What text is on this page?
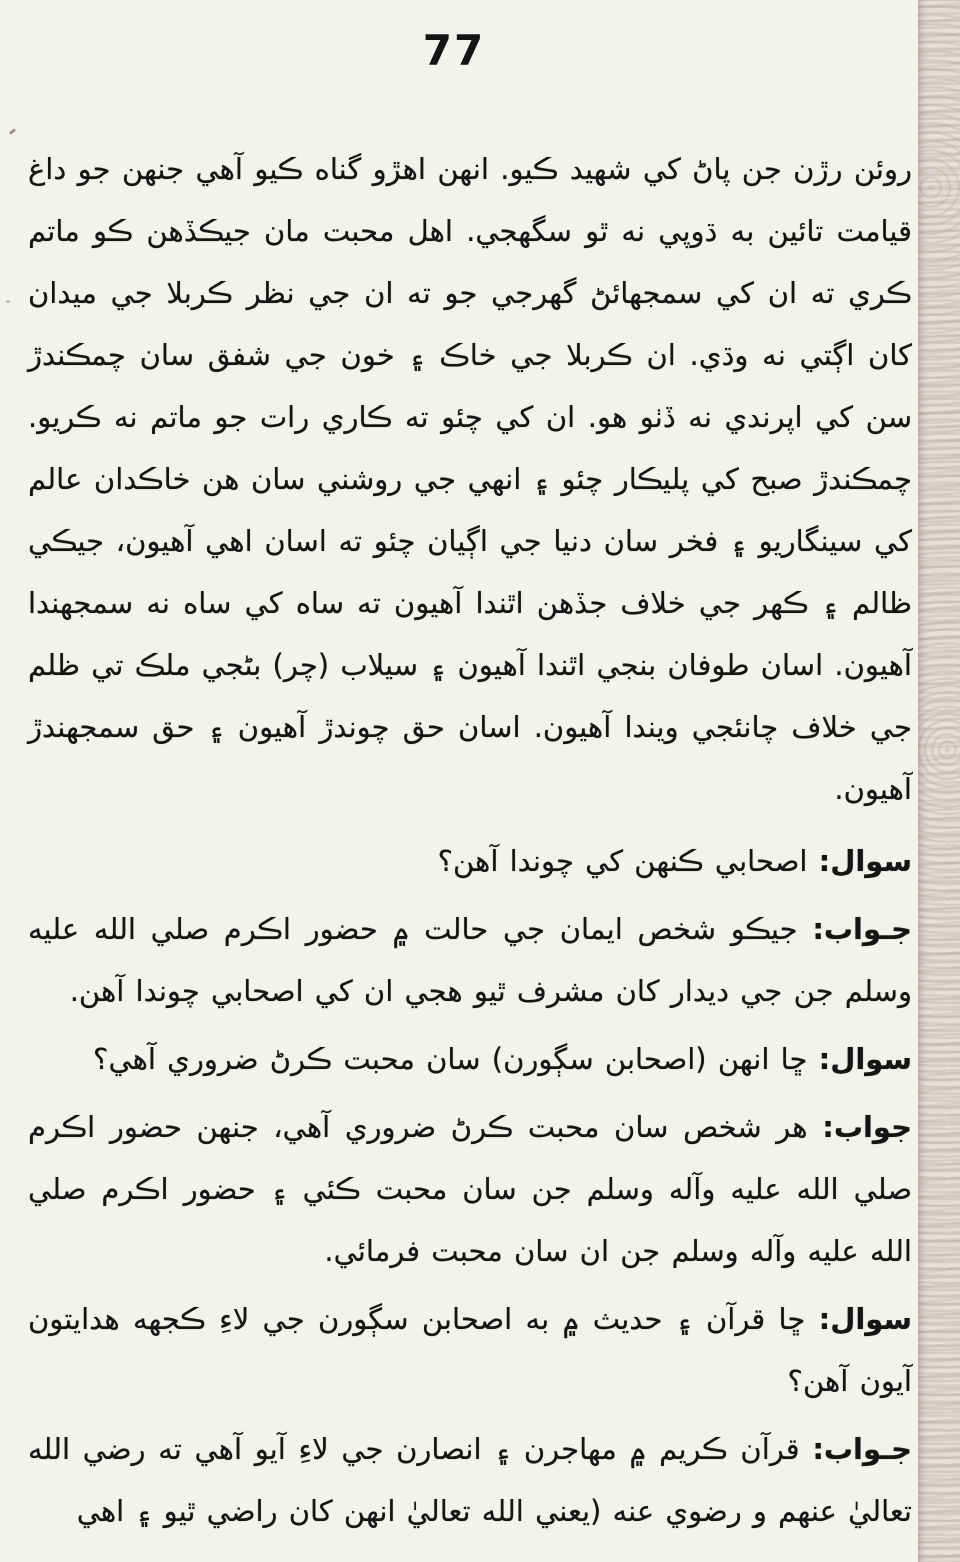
77

روئن رڙن جن پاڻ کي شهيد ڪيو. انهن اهڙو گناه ڪيو آهي جنهن جو داغ قيامت تائين به ڌوپي نه ٿو سگهجي. اهل محبت مان جيڪڏهن ڪو ماتم ڪري ته ان کي سمجهائڻ گهرجي جو ته ان جي نظر ڪربلا جي ميدان کان اڳتي نه وڌي. ان ڪربلا جي خاڪ ۽ خون جي شفق سان چمڪندڙ سن کي اپرندي نه ڏٺو هو. ان کي چئو ته ڪاري رات جو ماتم نه ڪريو. چمڪندڙ صبح کي پليڪار چئو ۽ انهي جي روشني سان هن خاڪدان عالم کي سينگاريو ۽ فخر سان دنيا جي اڳيان چئو ته اسان اهي آهيون، جيڪي ظالم ۽ ڪهر جي خلاف جڏهن اٿندا آهيون ته ساه کي ساه نه سمجهندا آهيون. اسان طوفان بنجي اٿندا آهيون ۽ سيلاب (چر) بڻجي ملڪ تي ظلم جي خلاف چانئجي ويندا آهيون. اسان حق چوندڙ آهيون ۽ حق سمجهندڙ آهيون.

سوال: اصحابي ڪنهن کي چوندا آهن؟

جـواب: جيڪو شخص ايمان جي حالت ۾ حضور اڪرم صلي الله عليه وسلم جن جي ديدار کان مشرف ٿيو هجي ان کي اصحابي چوندا آهن.

سوال: ڇا انهن (اصحابن سڳورن) سان محبت ڪرڻ ضروري آهي؟

جواب: هر شخص سان محبت ڪرڻ ضروري آهي، جنهن حضور اڪرم صلي الله عليه وآله وسلم جن سان محبت ڪئي ۽ حضور اڪرم صلي الله عليه وآله وسلم جن ان سان محبت فرمائي.

سوال: ڇا قرآن ۽ حديث ۾ به اصحابن سڳورن جي لاءِ ڪجهه هدايتون آيون آهن؟

جـواب: قرآن ڪريم ۾ مهاجرن ۽ انصارن جي لاءِ آيو آهي ته رضي الله تعاليٰ عنهم و رضوي عنه (يعني الله تعاليٰ انهن کان راضي ٿيو ۽ اهي
